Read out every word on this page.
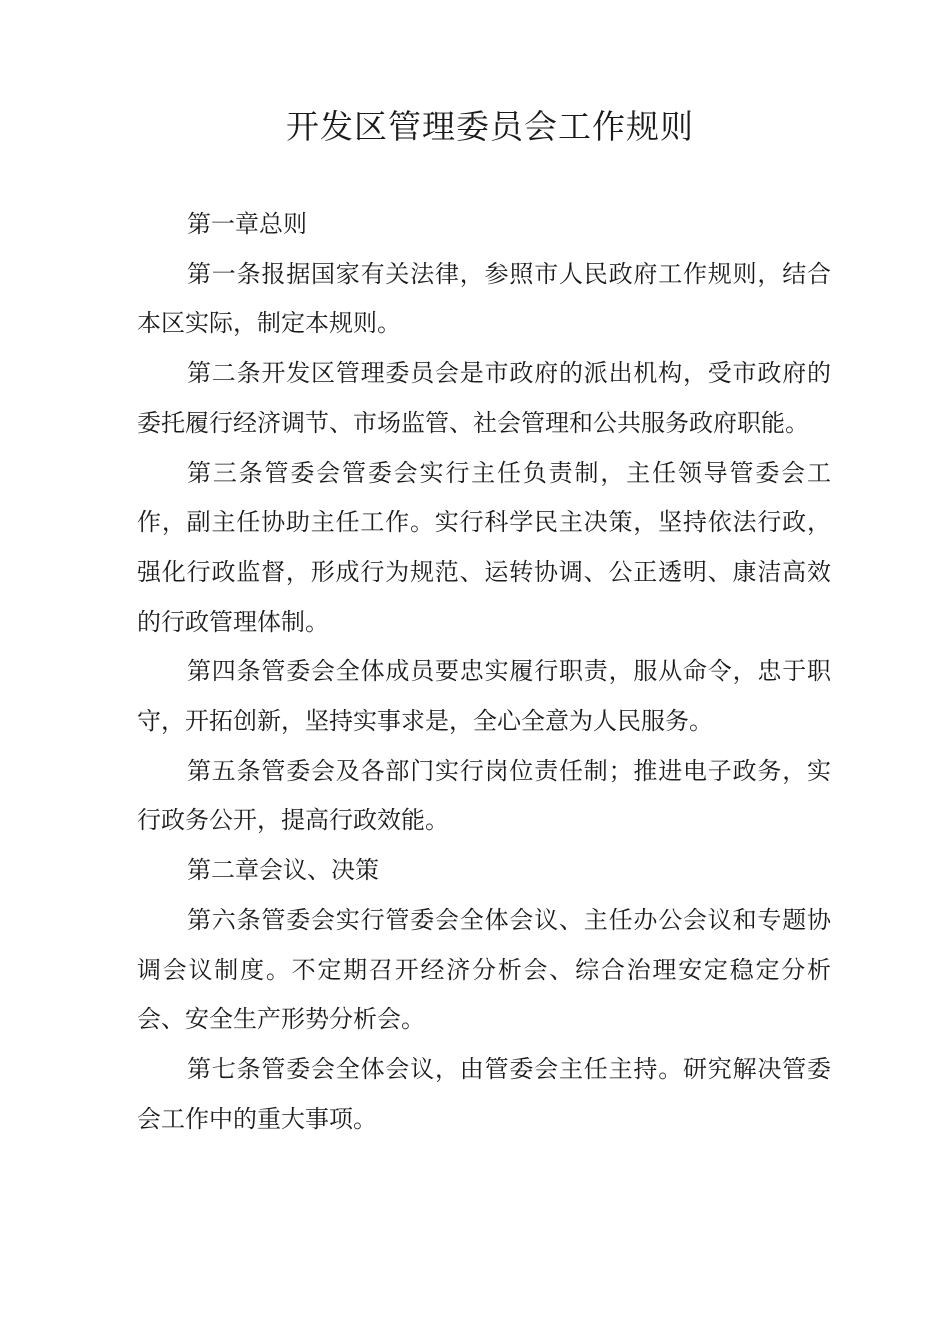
开发区管理委员会工作规则

第一章总则

第一条报据国家有关法律，参照市人民政府工作规则，结合本区实际，制定本规则。

第二条开发区管理委员会是市政府的派出机构，受市政府的委托履行经济调节、市场监管、社会管理和公共服务政府职能。

第三条管委会管委会实行主任负责制，主任领导管委会工作，副主任协助主任工作。实行科学民主决策，坚持依法行政，强化行政监督，形成行为规范、运转协调、公正透明、康洁高效的行政管理体制。

第四条管委会全体成员要忠实履行职责，服从命令，忠于职守，开拓创新，坚持实事求是，全心全意为人民服务。

第五条管委会及各部门实行岗位责任制；推进电子政务，实行政务公开，提高行政效能。

第二章会议、决策

第六条管委会实行管委会全体会议、主任办公会议和专题协调会议制度。不定期召开经济分析会、综合治理安定稳定分析会、安全生产形势分析会。

第七条管委会全体会议，由管委会主任主持。研究解决管委会工作中的重大事项。
